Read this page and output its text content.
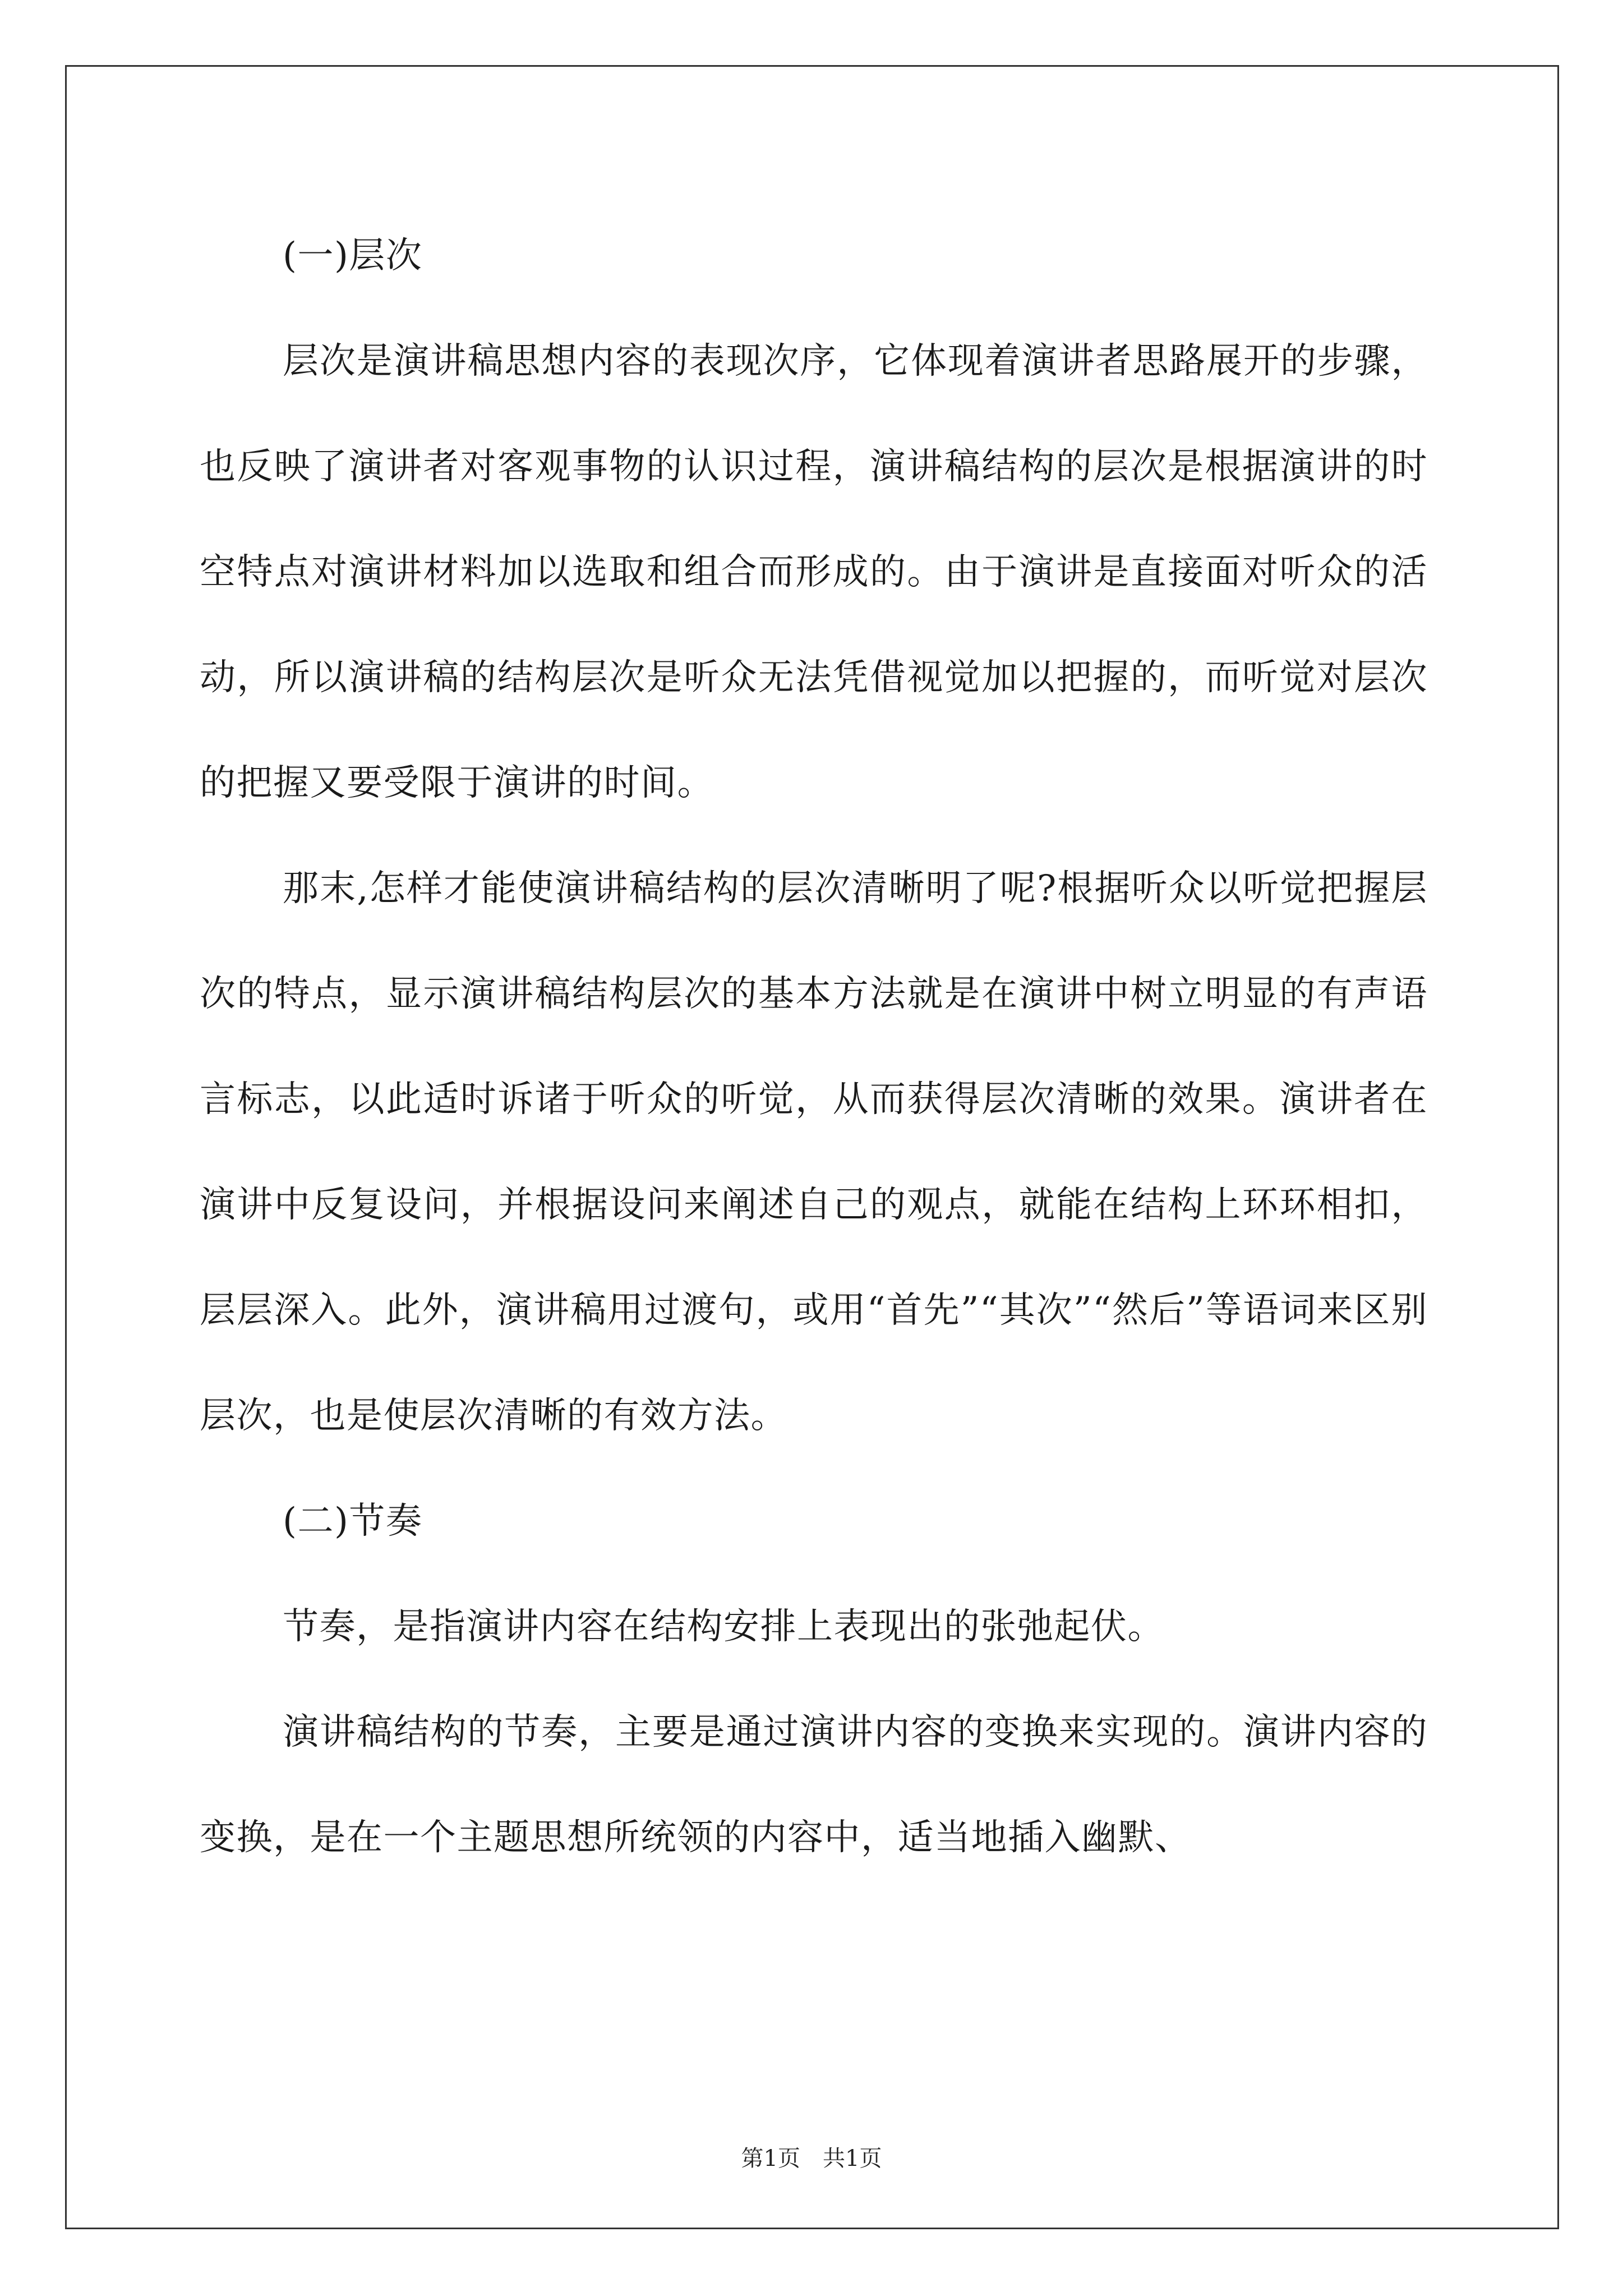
(一)层次

层次是演讲稿思想内容的表现次序，它体现着演讲者思路展开的步骤，也反映了演讲者对客观事物的认识过程，演讲稿结构的层次是根据演讲的时空特点对演讲材料加以选取和组合而形成的。由于演讲是直接面对听众的活动，所以演讲稿的结构层次是听众无法凭借视觉加以把握的，而听觉对层次的把握又要受限于演讲的时间。

那末,怎样才能使演讲稿结构的层次清晰明了呢?根据听众以听觉把握层次的特点，显示演讲稿结构层次的基本方法就是在演讲中树立明显的有声语言标志，以此适时诉诸于听众的听觉，从而获得层次清晰的效果。演讲者在演讲中反复设问，并根据设问来阐述自己的观点，就能在结构上环环相扣，层层深入。此外，演讲稿用过渡句，或用“首先”“其次”“然后”等语词来区别层次，也是使层次清晰的有效方法。

(二)节奏

节奏，是指演讲内容在结构安排上表现出的张弛起伏。

演讲稿结构的节奏，主要是通过演讲内容的变换来实现的。演讲内容的变换，是在一个主题思想所统领的内容中，适当地插入幽默、

第1页　共1页
